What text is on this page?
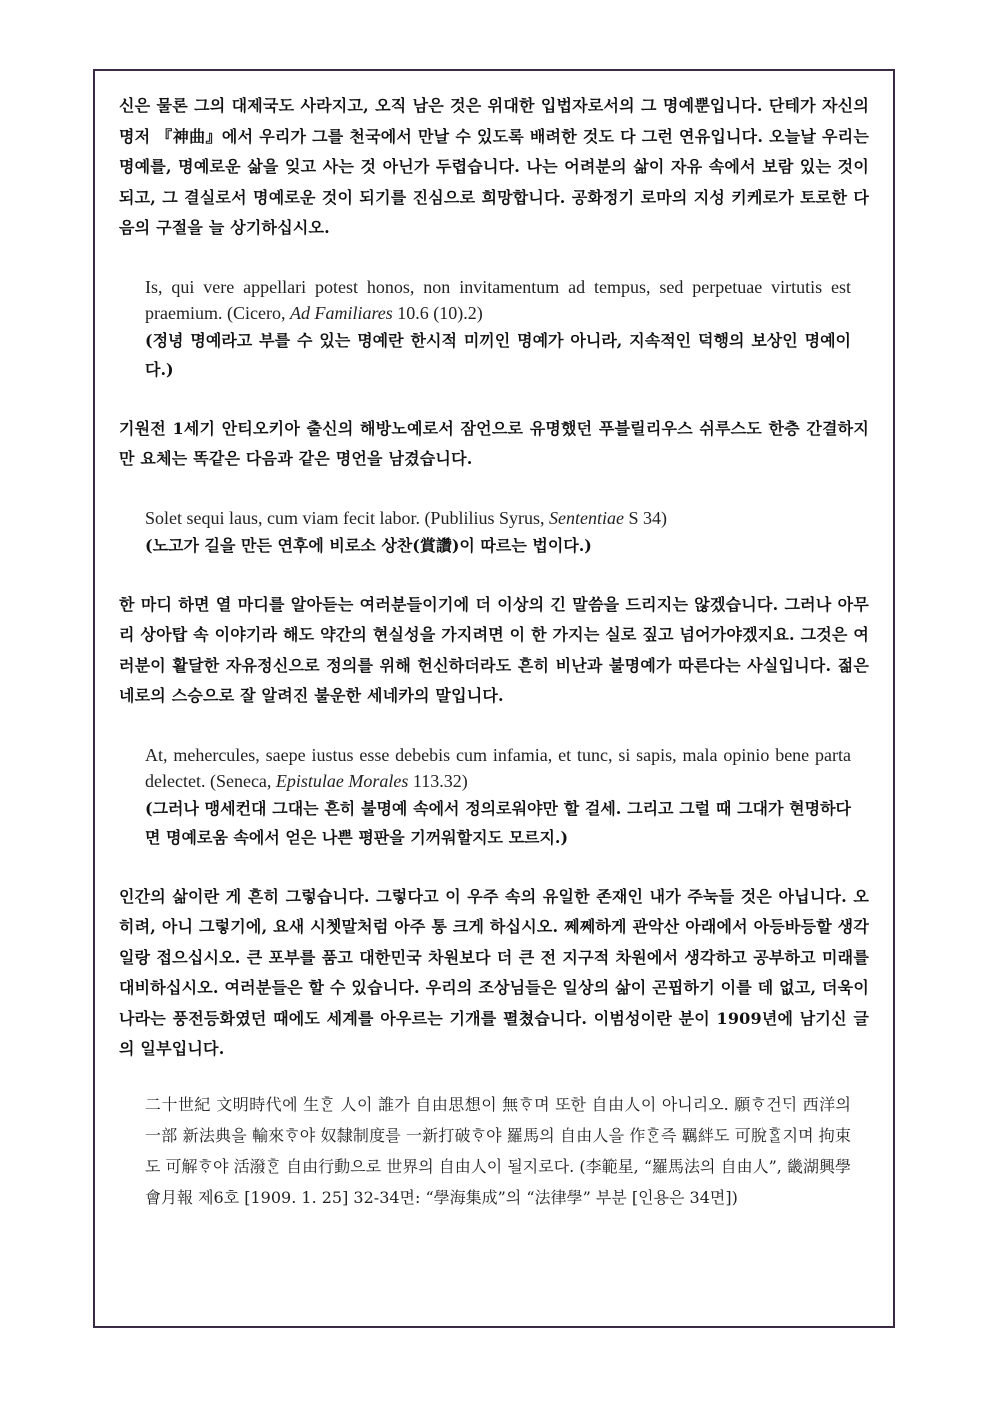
신은 물론 그의 대제국도 사라지고, 오직 남은 것은 위대한 입법자로서의 그 명예뿐입니다. 단테가 자신의 명저 『神曲』에서 우리가 그를 천국에서 만날 수 있도록 배려한 것도 다 그런 연유입니다. 오늘날 우리는 명예를, 명예로운 삶을 잊고 사는 것 아닌가 두렵습니다. 나는 어려분의 삶이 자유 속에서 보람 있는 것이 되고, 그 결실로서 명예로운 것이 되기를 진심으로 희망합니다. 공화정기 로마의 지성 키케로가 토로한 다음의 구절을 늘 상기하십시오.

Is, qui vere appellari potest honos, non invitamentum ad tempus, sed perpetuae virtutis est praemium. (Cicero, Ad Familiares 10.6 (10).2)

(정녕 명예라고 부를 수 있는 명예란 한시적 미끼인 명예가 아니라, 지속적인 덕행의 보상인 명예이다.)

기원전 1세기 안티오키아 출신의 해방노예로서 잠언으로 유명했던 푸블릴리우스 쉬루스도 한층 간결하지만 요체는 똑같은 다음과 같은 명언을 남겼습니다.

Solet sequi laus, cum viam fecit labor. (Publilius Syrus, Sententiae S 34)

(노고가 길을 만든 연후에 비로소 상찬(賞讚)이 따르는 법이다.)

한 마디 하면 열 마디를 알아듣는 여러분들이기에 더 이상의 긴 말씀을 드리지는 않겠습니다. 그러나 아무리 상아탑 속 이야기라 해도 약간의 현실성을 가지려면 이 한 가지는 실로 짚고 넘어가야겠지요. 그것은 여러분이 활달한 자유정신으로 정의를 위해 헌신하더라도 흔히 비난과 불명예가 따른다는 사실입니다. 젊은 네로의 스승으로 잘 알려진 불운한 세네카의 말입니다.

At, mehercules, saepe iustus esse debebis cum infamia, et tunc, si sapis, mala opinio bene parta delectet. (Seneca, Epistulae Morales 113.32)

(그러나 맹세컨대 그대는 흔히 불명예 속에서 정의로워야만 할 걸세. 그리고 그럴 때 그대가 현명하다면 명예로움 속에서 얻은 나쁜 평판을 기꺼워할지도 모르지.)

인간의 삶이란 게 흔히 그렇습니다. 그렇다고 이 우주 속의 유일한 존재인 내가 주눅들 것은 아닙니다. 오히려, 아니 그렇기에, 요새 시쳇말처럼 아주 통 크게 하십시오. 쩨쩨하게 관악산 아래에서 아등바등할 생각일랑 접으십시오. 큰 포부를 품고 대한민국 차원보다 더 큰 전 지구적 차원에서 생각하고 공부하고 미래를 대비하십시오. 여러분들은 할 수 있습니다. 우리의 조상님들은 일상의 삶이 곤핍하기 이를 데 없고, 더욱이 나라는 풍전등화였던 때에도 세계를 아우르는 기개를 펼쳤습니다. 이범성이란 분이 1909년에 남기신 글의 일부입니다.

二十世紀 文明時代에 生ᄒᆞᆫ 人이 誰가 自由思想이 無ᄒᆞ며 또한 自由人이 아니리오. 願ᄒᆞ건ᄃᆡ 西洋의 一部 新法典을 輸來ᄒᆞ야 奴隸制度를 一新打破ᄒᆞ야 羅馬의 自由人을 作ᄒᆞᆫ즉 羈絆도 可脫ᄒᆞᆯ지며 拘束도 可解ᄒᆞ야 活潑ᄒᆞᆫ 自由行動으로 世界의 自由人이 될지로다. (李範星, “羅馬法의 自由人”, 畿湖興學會月報 제6호 [1909. 1. 25] 32-34면: “學海集成”의 “法律學” 부분 [인용은 34면])
